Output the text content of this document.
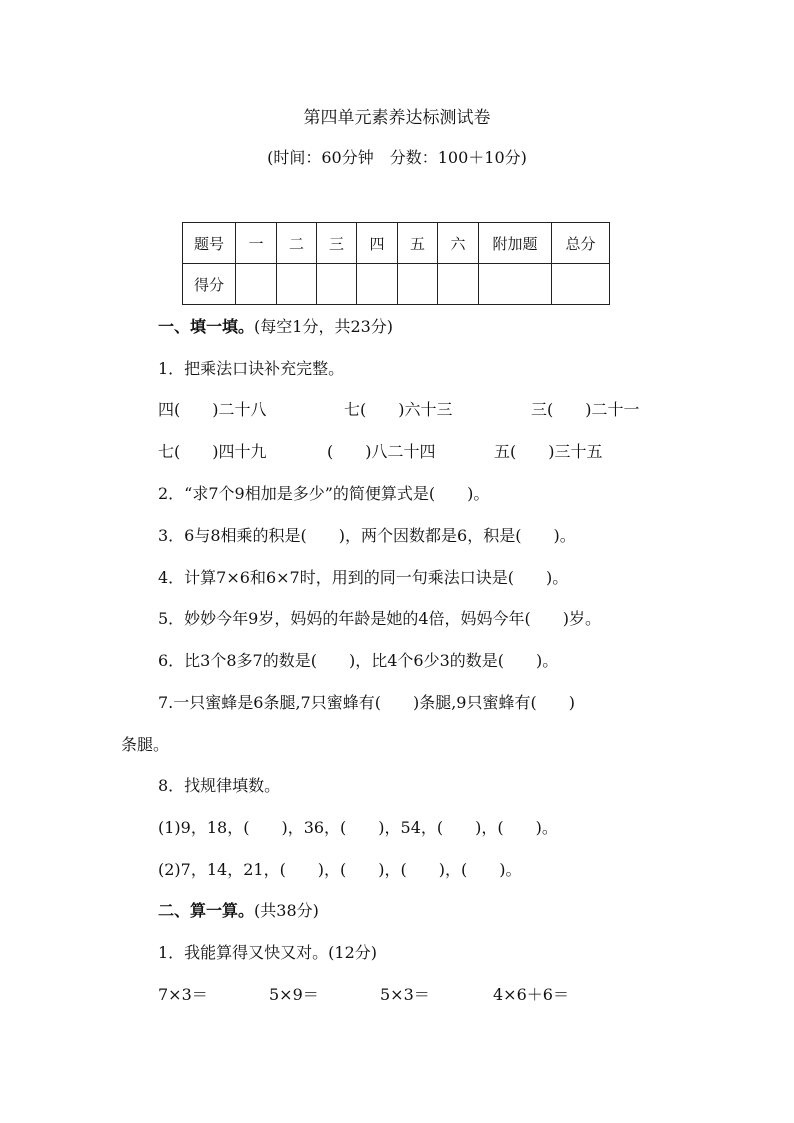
第四单元素养达标测试卷
(时间：60分钟　分数：100＋10分)
题号	一	二	三	四	五	六	附加题	总分
得分								
一、填一填。(每空1分，共23分)
1．把乘法口诀补充完整。
四(　　)二十八	七(　　)六十三	三(　　)二十一
七(　　)四十九	(　　)八二十四	五(　　)三十五
2．“求7个9相加是多少”的简便算式是(　　)。
3．6与8相乘的积是(　　)，两个因数都是6，积是(　　)。
4．计算7×6和6×7时，用到的同一句乘法口诀是(　　)。
5．妙妙今年9岁，妈妈的年龄是她的4倍，妈妈今年(　　)岁。
6．比3个8多7的数是(　　)，比4个6少3的数是(　　)。
7.一只蜜蜂是6条腿,7只蜜蜂有(　　)条腿,9只蜜蜂有(　　)
条腿。
8．找规律填数。
(1)9，18，(　　)，36，(　　)，54，(　　)，(　　)。
(2)7，14，21，(　　)，(　　)，(　　)，(　　)。
二、算一算。(共38分)
1．我能算得又快又对。(12分)
7×3＝	5×9＝	5×3＝	4×6＋6＝
